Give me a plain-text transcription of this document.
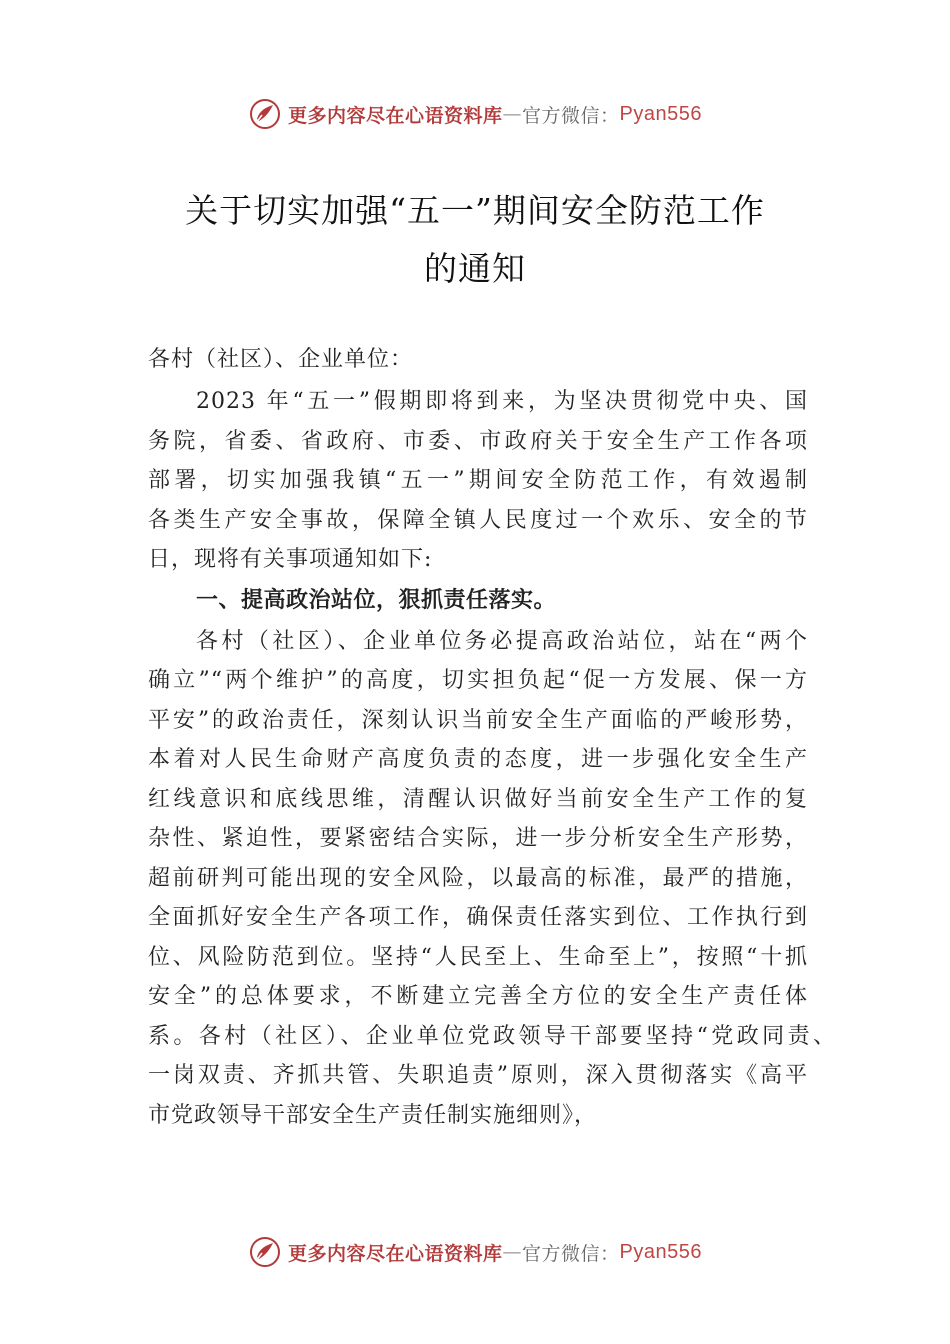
更多内容尽在心语资料库 — 官方微信： Pyan556
关于切实加强“五一”期间安全防范工作
的通知
各村（社区）、企业单位：
2023 年“五一”假期即将到来，为坚决贯彻党中央、国
务院，省委、省政府、市委、市政府关于安全生产工作各项
部署，切实加强我镇“五一”期间安全防范工作，有效遏制
各类生产安全事故，保障全镇人民度过一个欢乐、安全的节
日，现将有关事项通知如下:
一、提高政治站位，狠抓责任落实。
各村（社区）、企业单位务必提高政治站位，站在“两个
确立”“两个维护”的高度，切实担负起“促一方发展、保一方
平安”的政治责任，深刻认识当前安全生产面临的严峻形势，
本着对人民生命财产高度负责的态度，进一步强化安全生产
红线意识和底线思维，清醒认识做好当前安全生产工作的复
杂性、紧迫性，要紧密结合实际，进一步分析安全生产形势，
超前研判可能出现的安全风险，以最高的标准，最严的措施，
全面抓好安全生产各项工作，确保责任落实到位、工作执行到
位、风险防范到位。坚持“人民至上、生命至上”，按照“十抓
安全”的总体要求，不断建立完善全方位的安全生产责任体
系。各村（社区）、企业单位党政领导干部要坚持“党政同责、
一岗双责、齐抓共管、失职追责”原则，深入贯彻落实《高平
市党政领导干部安全生产责任制实施细则》，
更多内容尽在心语资料库 — 官方微信： Pyan556
